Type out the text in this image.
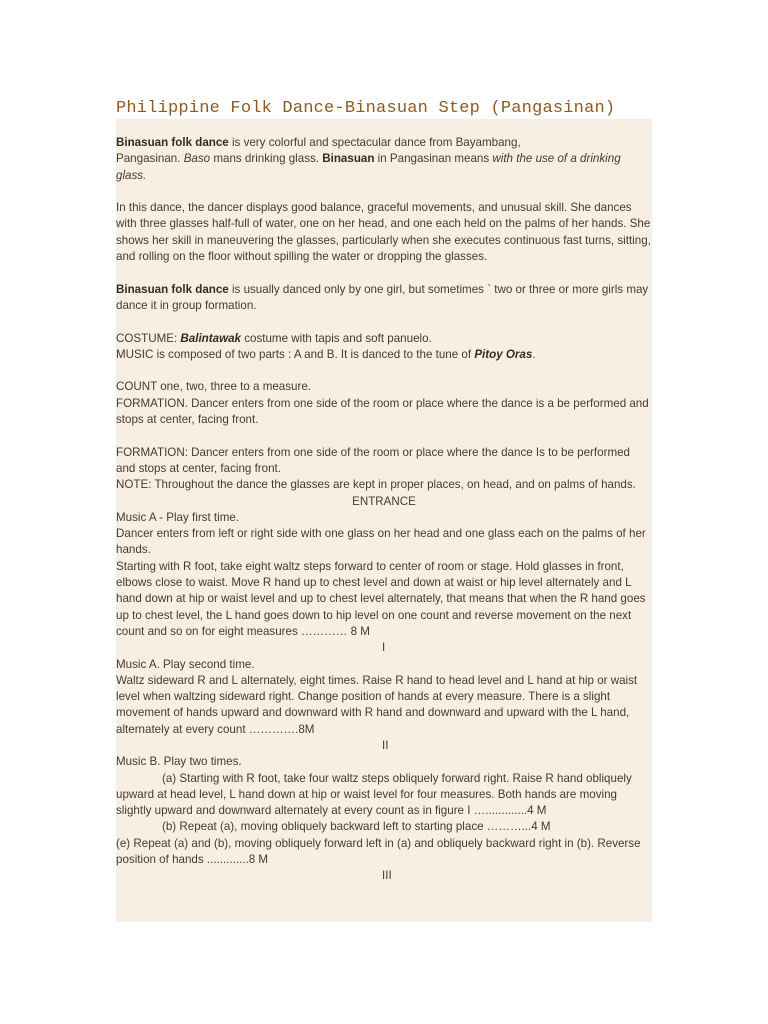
Philippine Folk Dance-Binasuan Step (Pangasinan)

Binasuan folk dance is very colorful and spectacular dance from Bayambang,
Pangasinan. Baso mans drinking glass. Binasuan in Pangasinan means with the use of a drinking glass.

In this dance, the dancer displays good balance, graceful movements, and unusual skill. She dances with three glasses half-full of water, one on her head, and one each held on the palms of her hands. She shows her skill in maneuvering the glasses, particularly when she executes continuous fast turns, sitting, and rolling on the floor without spilling the water or dropping the glasses.

Binasuan folk dance is usually danced only by one girl, but sometimes ` two or three or more girls may dance it in group formation.

COSTUME: Balintawak costume with tapis and soft panuelo.

MUSIC is composed of two parts : A and B. It is danced to the tune of Pitoy Oras.

COUNT one, two, three to a measure.

FORMATION. Dancer enters from one side of the room or place where the dance is a be performed and stops at center, facing front.

FORMATION: Dancer enters from one side of the room or place where the dance Is to be performed and stops at center, facing front.

NOTE: Throughout the dance the glasses are kept in proper places, on head, and on palms of hands.

ENTRANCE

Music A - Play first time.

Dancer enters from left or right side with one glass on her head and one glass each on the palms of her hands.

Starting with R foot, take eight waltz steps forward to center of room or stage. Hold glasses in front, elbows close to waist. Move R hand up to chest level and down at waist or hip level alternately and L hand down at hip or waist level and up to chest level alternately, that means that when the R hand goes up to chest level, the L hand goes down to hip level on one count and reverse movement on the next count and so on for eight measures ………… 8 M

I

Music A. Play second time.

Waltz sideward R and L alternately, eight times. Raise R hand to head level and L hand at hip or waist level when waltzing sideward right. Change position of hands at every measure. There is a slight movement of hands upward and downward with R hand and downward and upward with the L hand, alternately at every count ………….8M

II

Music B. Play two times.

(a) Starting with R foot, take four waltz steps obliquely forward right. Raise R hand obliquely upward at head level, L hand down at hip or waist level for four measures. Both hands are moving slightly upward and downward alternately at every count as in figure I ….............4 M

(b) Repeat (a), moving obliquely backward left to starting place ………...4 M

(e) Repeat (a) and (b), moving obliquely forward left in (a) and obliquely backward right in (b). Reverse position of hands .............8 M

III
